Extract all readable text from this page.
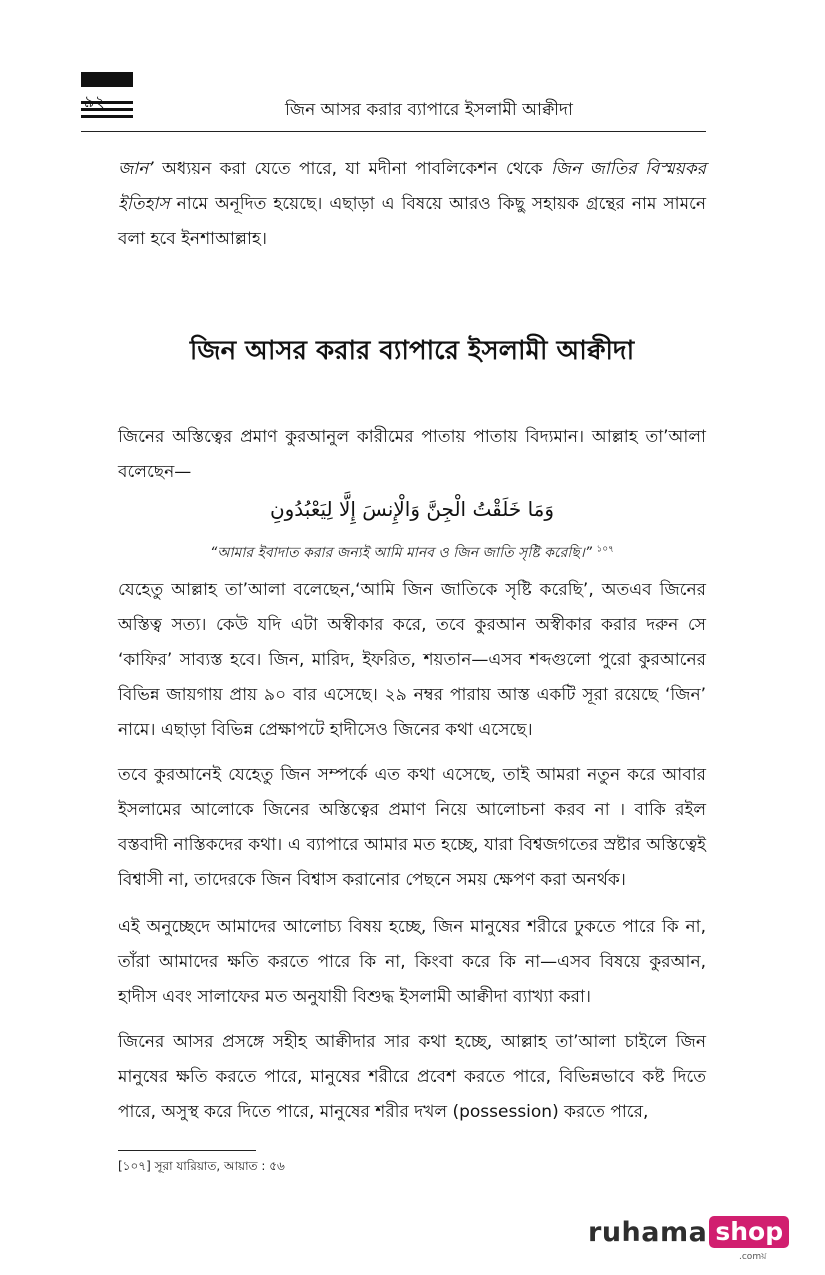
৯২	জিন আসর করার ব্যাপারে ইসলামী আক্বীদা

জান’ অধ্যয়ন করা যেতে পারে, যা মদীনা পাবলিকেশন থেকে জিন জাতির বিস্ময়কর ইতিহাস নামে অনূদিত হয়েছে। এছাড়া এ বিষয়ে আরও কিছু সহায়ক গ্রন্থের নাম সামনে বলা হবে ইনশাআল্লাহ।

জিন আসর করার ব্যাপারে ইসলামী আক্বীদা

জিনের অস্তিত্বের প্রমাণ কুরআনুল কারীমের পাতায় পাতায় বিদ্যমান। আল্লাহ তা’আলা বলেছেন—

وَمَا خَلَقْتُ الْجِنَّ وَالْإِنسَ إِلَّا لِيَعْبُدُونِ
“আমার ইবাদাত করার জন্যই আমি মানব ও জিন জাতি সৃষ্টি করেছি।” $^{১০৭}$

যেহেতু আল্লাহ তা’আলা বলেছেন,‘আমি জিন জাতিকে সৃষ্টি করেছি’, অতএব জিনের অস্তিত্ব সত্য। কেউ যদি এটা অস্বীকার করে, তবে কুরআন অস্বীকার করার দরুন সে ‘কাফির’ সাব্যস্ত হবে। জিন, মারিদ, ইফরিত, শয়তান—এসব শব্দগুলো পুরো কুরআনের বিভিন্ন জায়গায় প্রায় ৯০ বার এসেছে। ২৯ নম্বর পারায় আস্ত একটি সূরা রয়েছে ‘জিন’ নামে। এছাড়া বিভিন্ন প্রেক্ষাপটে হাদীসেও জিনের কথা এসেছে।

তবে কুরআনেই যেহেতু জিন সম্পর্কে এত কথা এসেছে, তাই আমরা নতুন করে আবার ইসলামের আলোকে জিনের অস্তিত্বের প্রমাণ নিয়ে আলোচনা করব না । বাকি রইল বস্তবাদী নাস্তিকদের কথা। এ ব্যাপারে আমার মত হচ্ছে, যারা বিশ্বজগতের স্রষ্টার অস্তিত্বেই বিশ্বাসী না, তাদেরকে জিন বিশ্বাস করানোর পেছনে সময় ক্ষেপণ করা অনর্থক।

এই অনুচ্ছেদে আমাদের আলোচ্য বিষয় হচ্ছে, জিন মানুষের শরীরে ঢুকতে পারে কি না, তাঁরা আমাদের ক্ষতি করতে পারে কি না, কিংবা করে কি না—এসব বিষয়ে কুরআন, হাদীস এবং সালাফের মত অনুযায়ী বিশুদ্ধ ইসলামী আক্বীদা ব্যাখ্যা করা।

জিনের আসর প্রসঙ্গে সহীহ আক্বীদার সার কথা হচ্ছে, আল্লাহ তা’আলা চাইলে জিন মানুষের ক্ষতি করতে পারে, মানুষের শরীরে প্রবেশ করতে পারে, বিভিন্নভাবে কষ্ট দিতে পারে, অসুস্থ করে দিতে পারে, মানুষের শরীর দখল (possession) করতে পারে,

[১০৭] সূরা যারিয়াত, আয়াত : ৫৬
ruhama shop
.comয়
